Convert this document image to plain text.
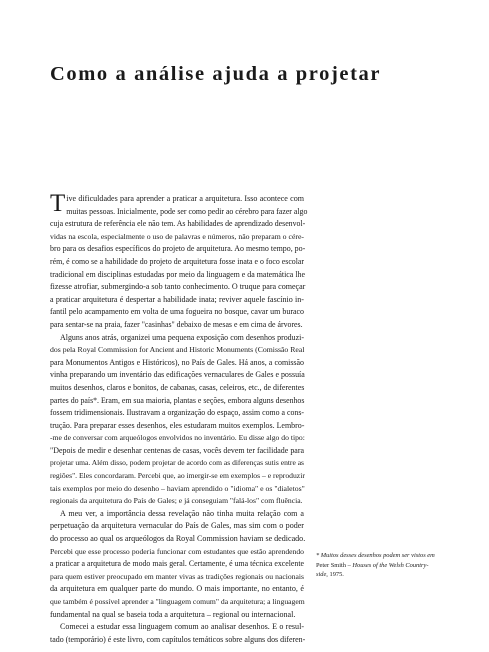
Como a análise ajuda a projetar
Tive dificuldades para aprender a praticar a arquitetura. Isso acontece com
muitas pessoas. Inicialmente, pode ser como pedir ao cérebro para fazer algo
cuja estrutura de referência ele não tem. As habilidades de aprendizado desenvol-
vidas na escola, especialmente o uso de palavras e números, não preparam o cére-
bro para os desafios específicos do projeto de arquitetura. Ao mesmo tempo, po-
rém, é como se a habilidade do projeto de arquitetura fosse inata e o foco escolar
tradicional em disciplinas estudadas por meio da linguagem e da matemática lhe
fizesse atrofiar, submergindo-a sob tanto conhecimento. O truque para começar
a praticar arquitetura é despertar a habilidade inata; reviver aquele fascínio in-
fantil pelo acampamento em volta de uma fogueira no bosque, cavar um buraco
para sentar-se na praia, fazer "casinhas" debaixo de mesas e em cima de árvores.
Alguns anos atrás, organizei uma pequena exposição com desenhos produzi-
dos pela Royal Commission for Ancient and Historic Monuments (Comissão Real
para Monumentos Antigos e Históricos), no País de Gales. Há anos, a comissão
vinha preparando um inventário das edificações vernaculares de Gales e possuía
muitos desenhos, claros e bonitos, de cabanas, casas, celeiros, etc., de diferentes
partes do país*. Eram, em sua maioria, plantas e seções, embora alguns desenhos
fossem tridimensionais. Ilustravam a organização do espaço, assim como a cons-
trução. Para preparar esses desenhos, eles estudaram muitos exemplos. Lembro-
-me de conversar com arqueólogos envolvidos no inventário. Eu disse algo do tipo:
"Depois de medir e desenhar centenas de casas, vocês devem ter facilidade para
projetar uma. Além disso, podem projetar de acordo com as diferenças sutis entre as
regiões". Eles concordaram. Percebi que, ao imergir-se em exemplos – e reproduzir
tais exemplos por meio do desenho – haviam aprendido o "idioma" e os "dialetos"
regionais da arquitetura do País de Gales; e já conseguiam "falá-los" com fluência.
A meu ver, a importância dessa revelação não tinha muita relação com a
perpetuação da arquitetura vernacular do País de Gales, mas sim com o poder
do processo ao qual os arqueólogos da Royal Commission haviam se dedicado.
Percebi que esse processo poderia funcionar com estudantes que estão aprendendo
a praticar a arquitetura de modo mais geral. Certamente, é uma técnica excelente
para quem estiver preocupado em manter vivas as tradições regionais ou nacionais
da arquitetura em qualquer parte do mundo. O mais importante, no entanto, é
que também é possível aprender a "linguagem comum" da arquitetura; a linguagem
fundamental na qual se baseia toda a arquitetura – regional ou internacional.
Comecei a estudar essa linguagem comum ao analisar desenhos. E o resul-
tado (temporário) é este livro, com capítulos temáticos sobre alguns dos diferen-
* Muitos desses desenhos podem ser vistos em
Peter Smith – Houses of the Welsh Country-
side, 1975.
